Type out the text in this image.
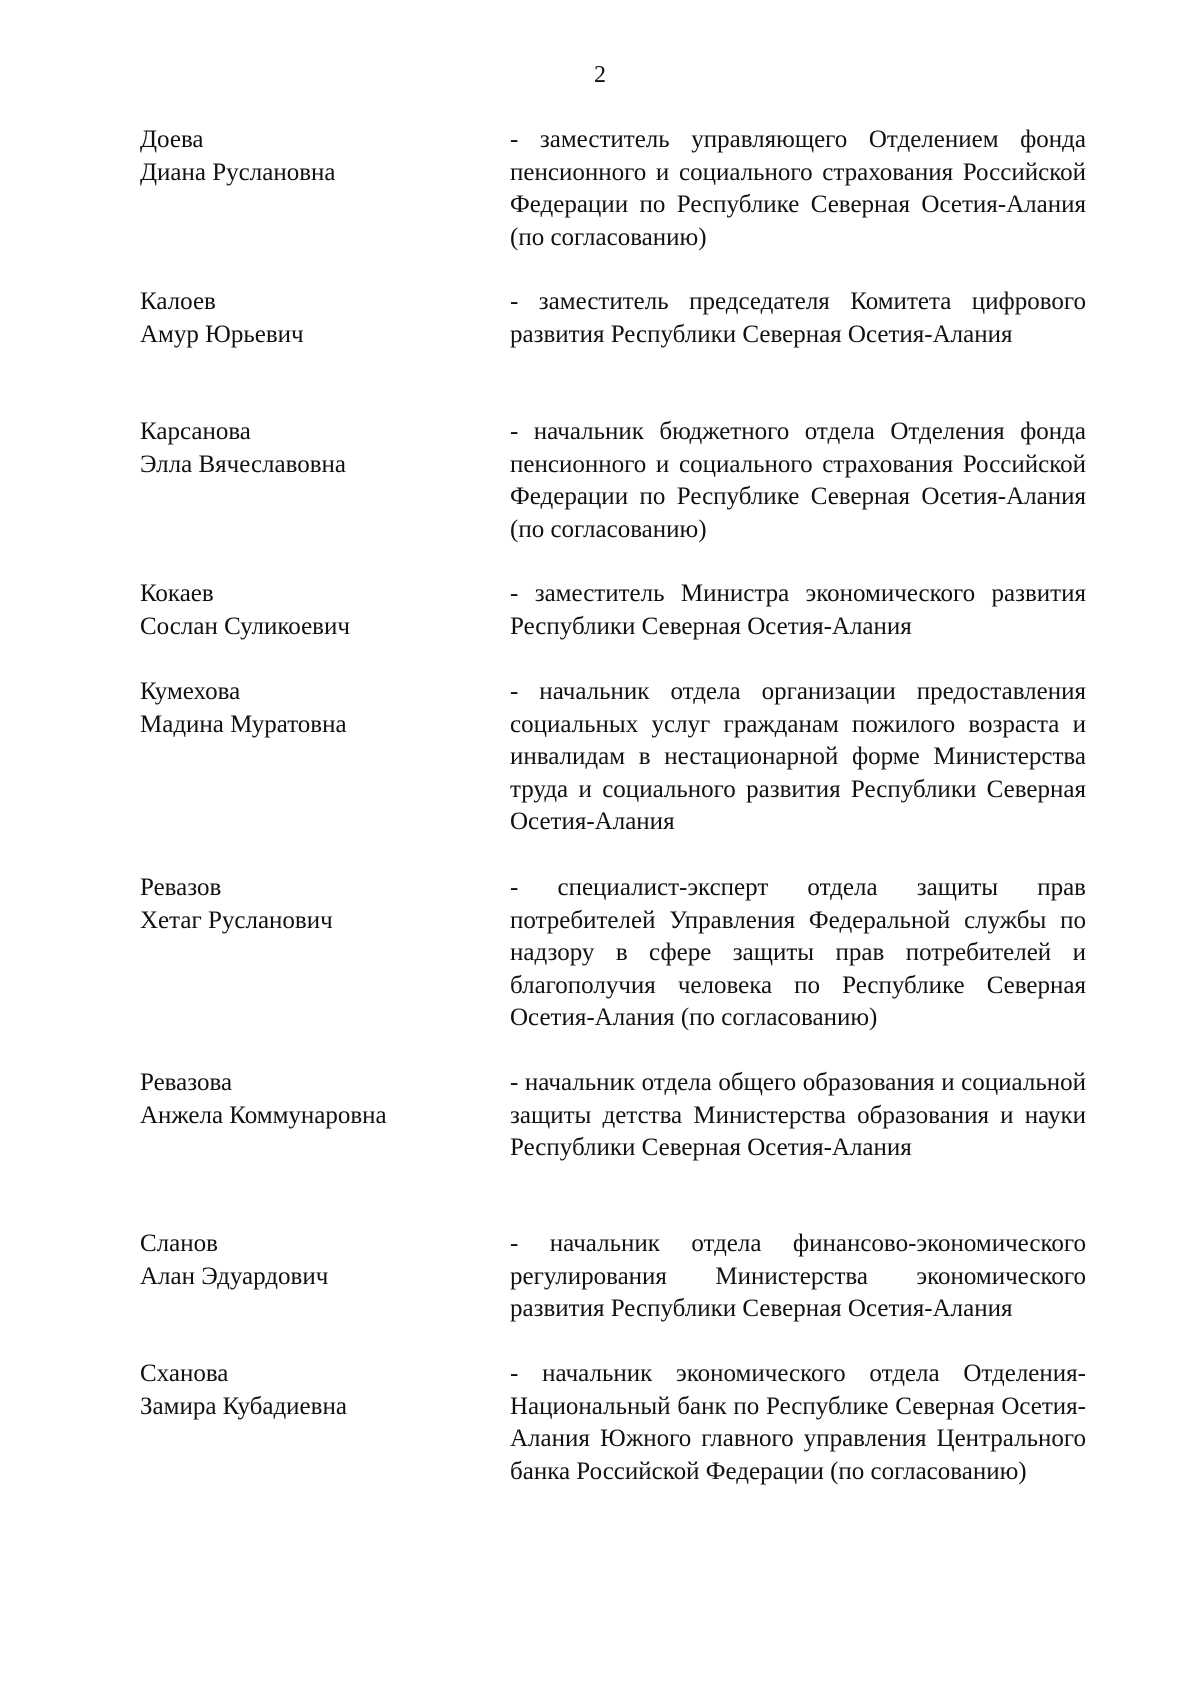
2
Доева
Диана Руслановна
- заместитель управляющего Отделением фонда пенсионного и социального страхования Российской Федерации по Республике Северная Осетия-Алания (по согласованию)
Калоев
Амур Юрьевич
- заместитель председателя Комитета цифрового развития Республики Северная Осетия-Алания
Карсанова
Элла Вячеславовна
- начальник бюджетного отдела Отделения фонда пенсионного и социального страхования Российской Федерации по Республике Северная Осетия-Алания (по согласованию)
Кокаев
Сослан Суликоевич
- заместитель Министра экономического развития Республики Северная Осетия-Алания
Кумехова
Мадина Муратовна
- начальник отдела организации предоставления социальных услуг гражданам пожилого возраста и инвалидам в нестационарной форме Министерства труда и социального развития Республики Северная Осетия-Алания
Ревазов
Хетаг Русланович
- специалист-эксперт отдела защиты прав потребителей Управления Федеральной службы по надзору в сфере защиты прав потребителей и благополучия человека по Республике Северная Осетия-Алания (по согласованию)
Ревазова
Анжела Коммунаровна
- начальник отдела общего образования и социальной защиты детства Министерства образования и науки Республики Северная Осетия-Алания
Сланов
Алан Эдуардович
- начальник отдела финансово-экономического регулирования Министерства экономического развития Республики Северная Осетия-Алания
Сханова
Замира Кубадиевна
- начальник экономического отдела Отделения-Национальный банк по Республике Северная Осетия-Алания Южного главного управления Центрального банка Российской Федерации (по согласованию)
